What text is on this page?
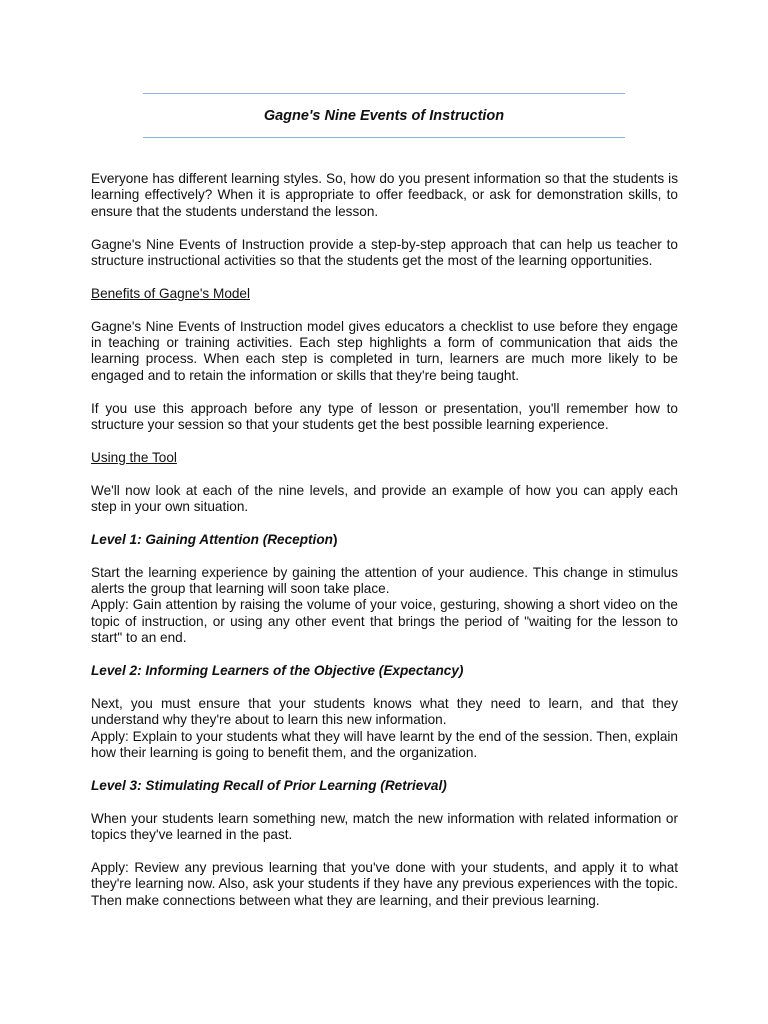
Gagne's Nine Events of Instruction

Everyone has different learning styles. So, how do you present information so that the students is learning effectively? When it is appropriate to offer feedback, or ask for demonstration skills, to ensure that the students understand the lesson.

Gagne's Nine Events of Instruction provide a step-by-step approach that can help us teacher to structure instructional activities so that the students get the most of the learning opportunities.

Benefits of Gagne's Model

Gagne's Nine Events of Instruction model gives educators a checklist to use before they engage in teaching or training activities. Each step highlights a form of communication that aids the learning process. When each step is completed in turn, learners are much more likely to be engaged and to retain the information or skills that they're being taught.

If you use this approach before any type of lesson or presentation, you'll remember how to structure your session so that your students get the best possible learning experience.

Using the Tool

We'll now look at each of the nine levels, and provide an example of how you can apply each step in your own situation.

Level 1: Gaining Attention (Reception)

Start the learning experience by gaining the attention of your audience. This change in stimulus alerts the group that learning will soon take place.

Apply: Gain attention by raising the volume of your voice, gesturing, showing a short video on the topic of instruction, or using any other event that brings the period of "waiting for the lesson to start" to an end.

Level 2: Informing Learners of the Objective (Expectancy)

Next, you must ensure that your students knows what they need to learn, and that they understand why they're about to learn this new information.

Apply: Explain to your students what they will have learnt by the end of the session. Then, explain how their learning is going to benefit them, and the organization.

Level 3: Stimulating Recall of Prior Learning (Retrieval)

When your students learn something new, match the new information with related information or topics they've learned in the past.

Apply: Review any previous learning that you've done with your students, and apply it to what they're learning now. Also, ask your students if they have any previous experiences with the topic. Then make connections between what they are learning, and their previous learning.
